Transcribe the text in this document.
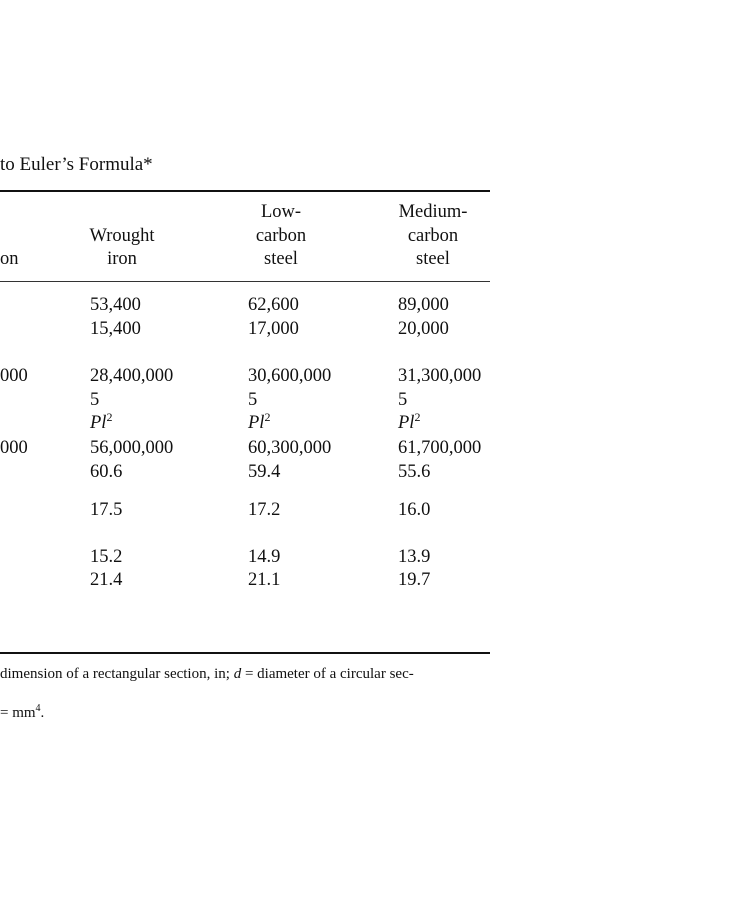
to Euler’s Formula*
on
Wrought
iron
Low-
carbon
steel
Medium-
carbon
steel
000
000
53,400
15,400
28,400,000
5
Pl$^2$
56,000,000
60.6
17.5
15.2
21.4
62,600
17,000
30,600,000
5
Pl$^2$
60,300,000
59.4
17.2
14.9
21.1
89,000
20,000
31,300,000
5
Pl$^2$
61,700,000
55.6
16.0
13.9
19.7
dimension of a rectangular section, in; d = diameter of a circular sec-
= $mm^4$.
